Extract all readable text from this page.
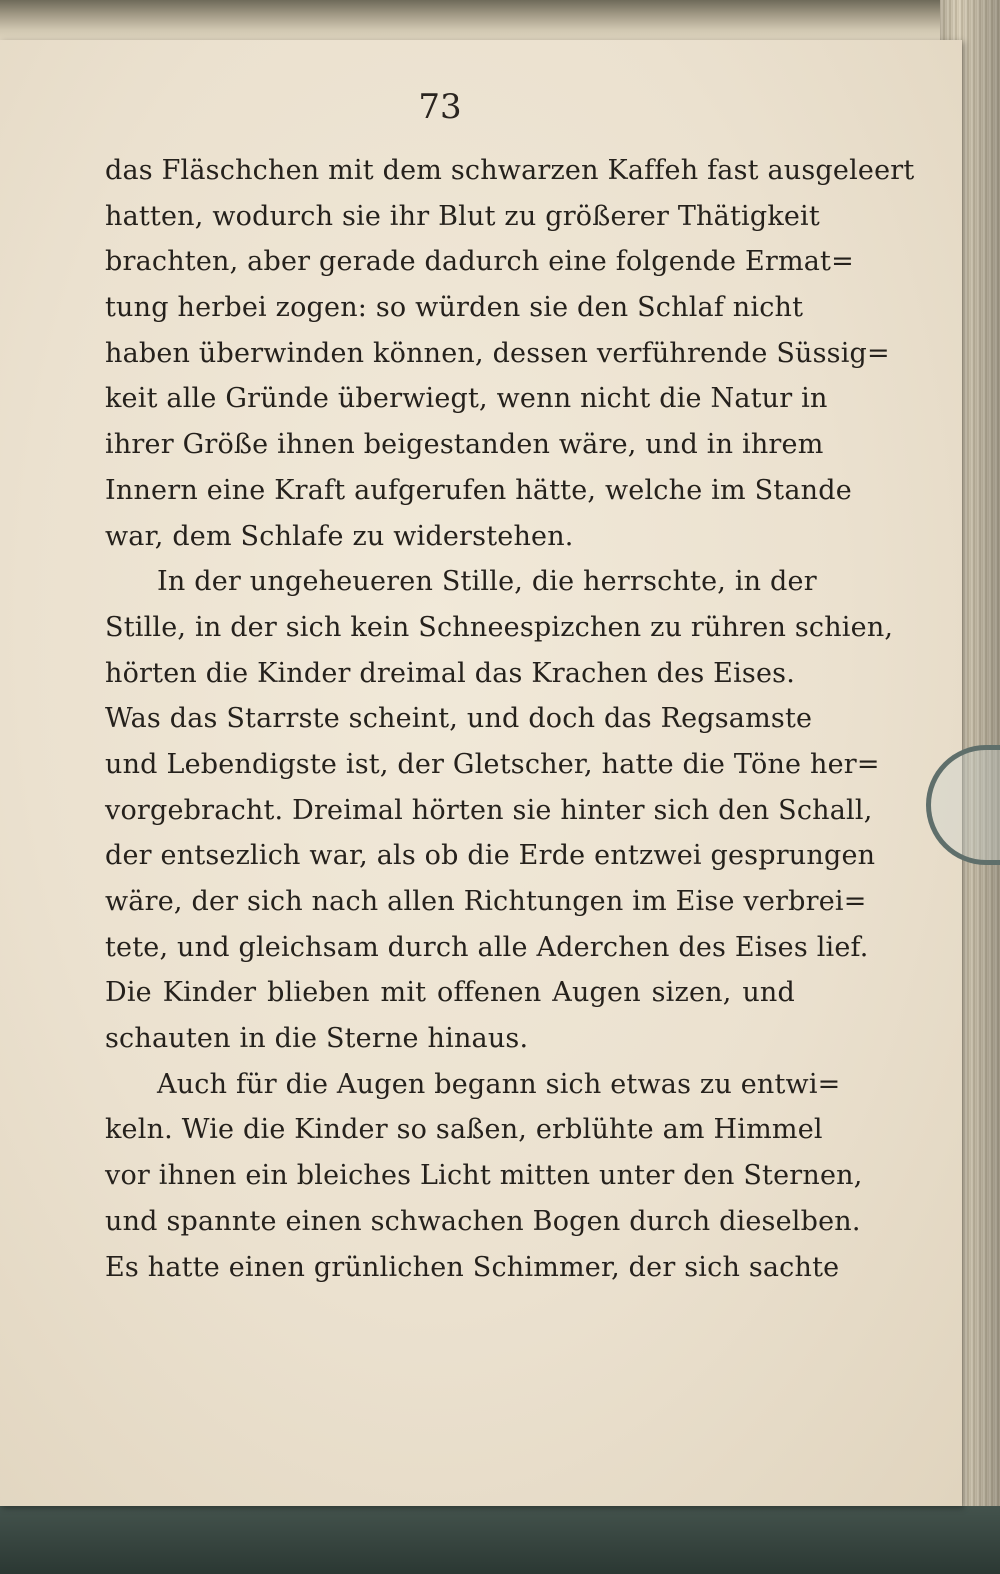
73
das Fläschchen mit dem schwarzen Kaffeh fast ausgeleert
hatten, wodurch sie ihr Blut zu größerer Thätigkeit
brachten, aber gerade dadurch eine folgende Ermat=
tung herbei zogen: so würden sie den Schlaf nicht
haben überwinden können, dessen verführende Süssig=
keit alle Gründe überwiegt, wenn nicht die Natur in
ihrer Größe ihnen beigestanden wäre, und in ihrem
Innern eine Kraft aufgerufen hätte, welche im Stande
war, dem Schlafe zu widerstehen.
In der ungeheueren Stille, die herrschte, in der
Stille, in der sich kein Schneespizchen zu rühren schien,
hörten die Kinder dreimal das Krachen des Eises.
Was das Starrste scheint, und doch das Regsamste
und Lebendigste ist, der Gletscher, hatte die Töne her=
vorgebracht. Dreimal hörten sie hinter sich den Schall,
der entsezlich war, als ob die Erde entzwei gesprungen
wäre, der sich nach allen Richtungen im Eise verbrei=
tete, und gleichsam durch alle Aderchen des Eises lief.
Die Kinder blieben mit offenen Augen sizen, und
schauten in die Sterne hinaus.
Auch für die Augen begann sich etwas zu entwi=
keln. Wie die Kinder so saßen, erblühte am Himmel
vor ihnen ein bleiches Licht mitten unter den Sternen,
und spannte einen schwachen Bogen durch dieselben.
Es hatte einen grünlichen Schimmer, der sich sachte
